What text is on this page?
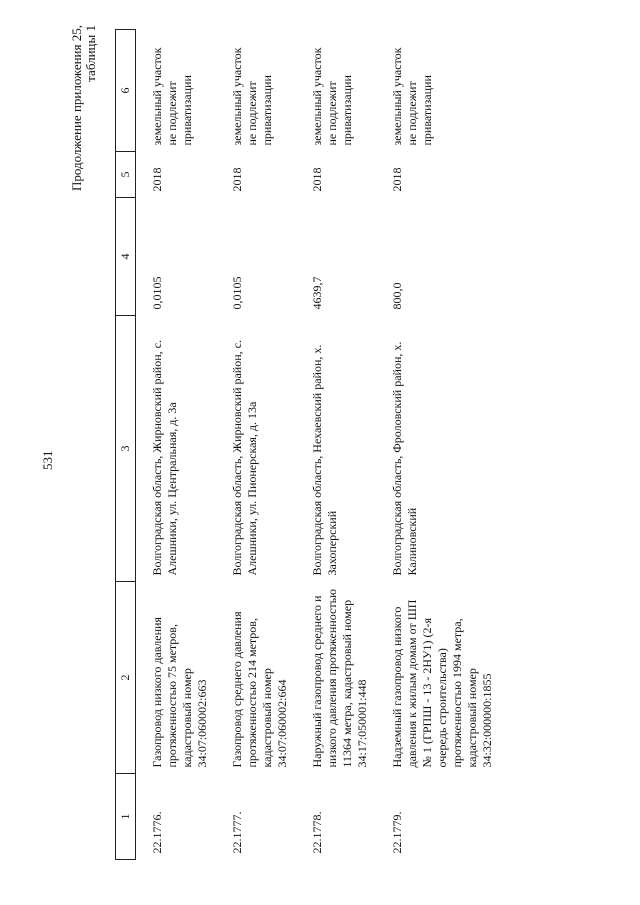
531
Продолжение приложения 25, таблицы 1
1	2	3	4	5	6
22.1776.	Газопровод низкого давления протяженностью 75 метров, кадастровый номер 34:07:060002:663	Волгоградская область, Жирновский район, с. Алешники, ул. Центральная, д. 3а	0,0105	2018	земельный участок не подлежит приватизации
22.1777.	Газопровод среднего давления протяженностью 214 метров, кадастровый номер 34:07:060002:664	Волгоградская область, Жирновский район, с. Алешники, ул. Пионерская, д. 13а	0,0105	2018	земельный участок не подлежит приватизации
22.1778.	Наружный газопровод среднего и низкого давления протяженностью 11364 метра, кадастровый номер 34:17:050001:448	Волгоградская область, Нехаевский район, х. Захоперский	4639,7	2018	земельный участок не подлежит приватизации
22.1779.	Надземный газопровод низкого давления к жилым домам от ШП № 1 (ГРПШ - 13 - 2НУ1) (2-я очередь строительства) протяженностью 1994 метра, кадастровый номер 34:32:000000:1855	Волгоградская область, Фроловский район, х. Калиновский	800,0	2018	земельный участок не подлежит приватизации
